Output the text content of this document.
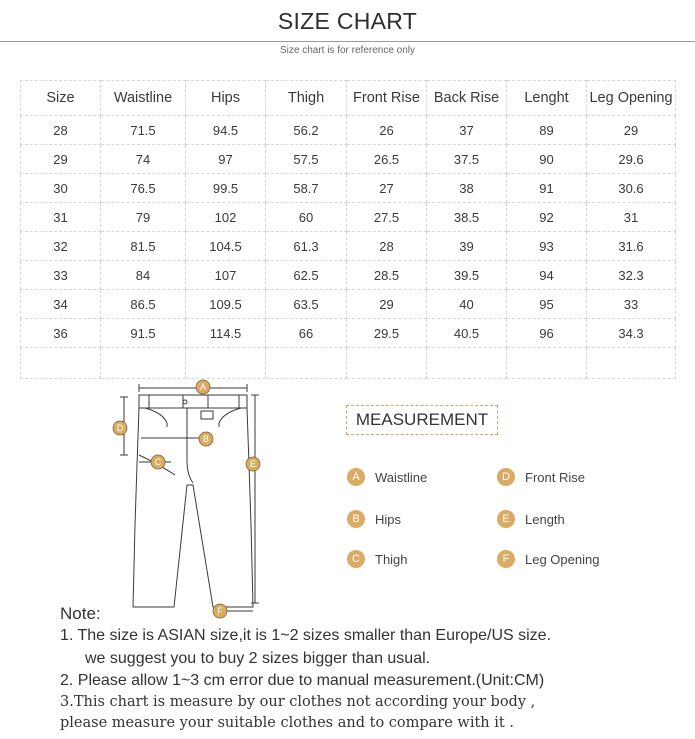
SIZE CHART
Size chart is for reference only
Size	Waistline	Hips	Thigh	Front Rise	Back Rise	Lenght	Leg Opening
28	71.5	94.5	56.2	26	37	89	29
29	74	97	57.5	26.5	37.5	90	29.6
30	76.5	99.5	58.7	27	38	91	30.6
31	79	102	60	27.5	38.5	92	31
32	81.5	104.5	61.3	28	39	93	31.6
33	84	107	62.5	28.5	39.5	94	32.3
34	86.5	109.5	63.5	29	40	95	33
36	91.5	114.5	66	29.5	40.5	96	34.3

A
B
C
D
E
F
MEASUREMENT
A	Waistline
B	Hips
C	Thigh
D	Front Rise
E	Length
F	Leg Opening
Note:
1. The size is ASIAN size,it is 1~2 sizes smaller than Europe/US size.
we suggest you to buy 2 sizes bigger than usual.
2. Please allow 1~3 cm error due to manual measurement.(Unit:CM)
3.This chart is measure by our clothes not according your body ,
please measure your suitable clothes and to compare with it .
